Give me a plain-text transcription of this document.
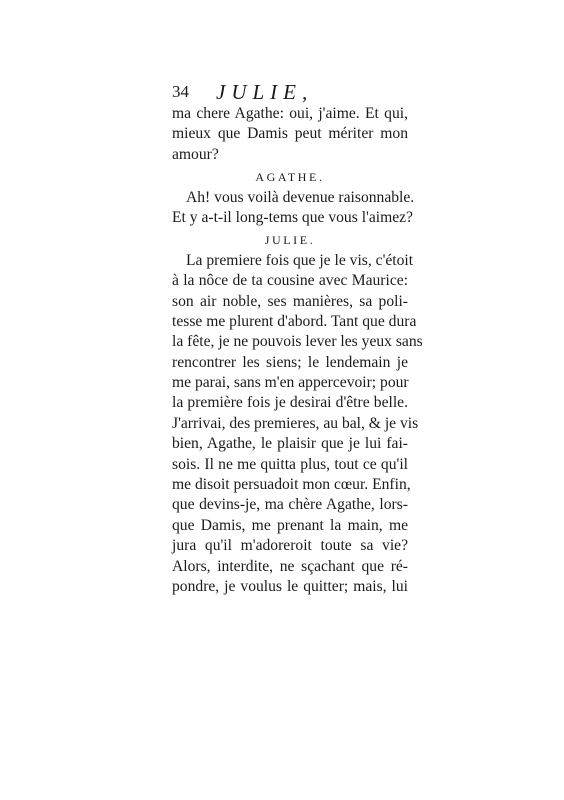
34 JULIE,
ma chere Agathe: oui, j'aime. Et qui,
mieux que Damis peut mériter mon
amour?
AGATHE.
Ah! vous voilà devenue raisonnable.
Et y a-t-il long-tems que vous l'aimez?
JULIE.
La premiere fois que je le vis, c'étoit
à la nôce de ta cousine avec Maurice:
son air noble, ses manières, sa poli-
tesse me plurent d'abord. Tant que dura
la fête, je ne pouvois lever les yeux sans
rencontrer les siens; le lendemain je
me parai, sans m'en appercevoir; pour
la première fois je desirai d'être belle.
J'arrivai, des premieres, au bal, & je vis
bien, Agathe, le plaisir que je lui fai-
sois. Il ne me quitta plus, tout ce qu'il
me disoit persuadoit mon cœur. Enfin,
que devins-je, ma chère Agathe, lors-
que Damis, me prenant la main, me
jura qu'il m'adoreroit toute sa vie?
Alors, interdite, ne sçachant que ré-
pondre, je voulus le quitter; mais, lui
